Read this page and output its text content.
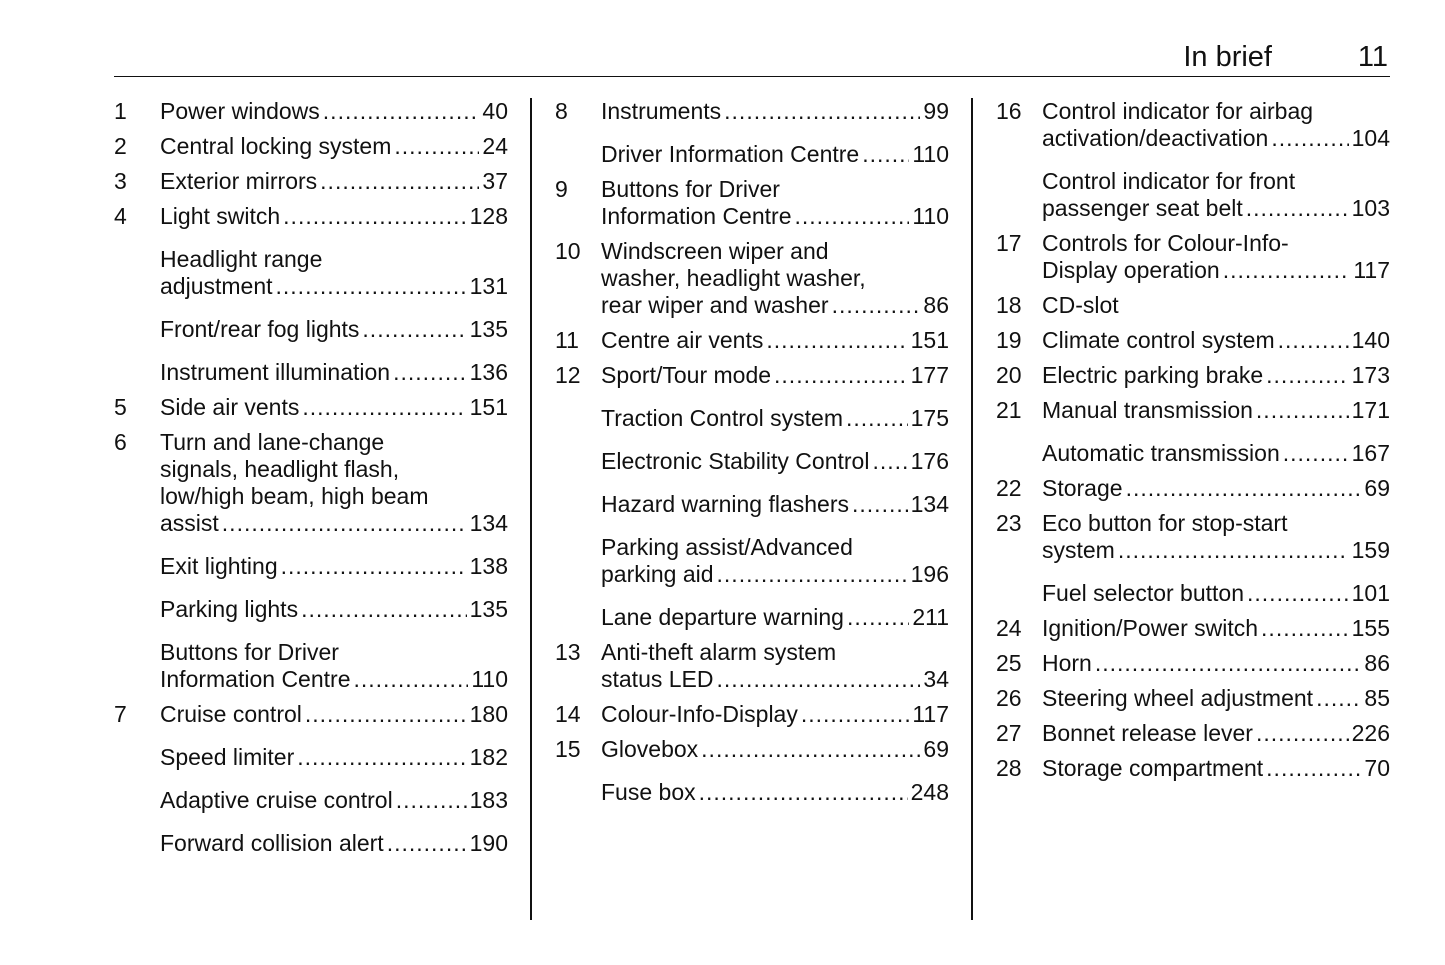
In brief	11
1 Power windows .....	40
2 Central locking system .....	24
3 Exterior mirrors .....	37
4 Light switch .....	128
Headlight range
adjustment .....	131
Front/rear fog lights .....	135
Instrument illumination .....	136
5 Side air vents .....	151
6 Turn and lane-change
signals, headlight flash,
low/high beam, high beam
assist .....	134
Exit lighting .....	138
Parking lights .....	135
Buttons for Driver
Information Centre .....	110
7 Cruise control .....	180
Speed limiter .....	182
Adaptive cruise control .....	183
Forward collision alert .....	190
8 Instruments .....	99
Driver Information Centre ..... 110
9 Buttons for Driver
Information Centre .....	110
10 Windscreen wiper and
washer, headlight washer,
rear wiper and washer .....	86
11 Centre air vents .....	151
12 Sport/Tour mode .....	177
Traction Control system .....	175
Electronic Stability Control ..... 176
Hazard warning flashers .....	134
Parking assist/Advanced
parking aid .....	196
Lane departure warning .....	211
13 Anti-theft alarm system
status LED .....	34
14 Colour-Info-Display .....	117
15 Glovebox .....	69
Fuse box .....	248
16 Control indicator for airbag
activation/deactivation .....	104
Control indicator for front
passenger seat belt .....	103
17 Controls for Colour-Info-
Display operation .....	117
18 CD-slot
19 Climate control system .....	140
20 Electric parking brake .....	173
21 Manual transmission .....	171
Automatic transmission .....	167
22 Storage .....	69
23 Eco button for stop-start
system .....	159
Fuel selector button .....	101
24 Ignition/Power switch .....	155
25 Horn .....	86
26 Steering wheel adjustment ..... 85
27 Bonnet release lever .....	226
28 Storage compartment .....	70
